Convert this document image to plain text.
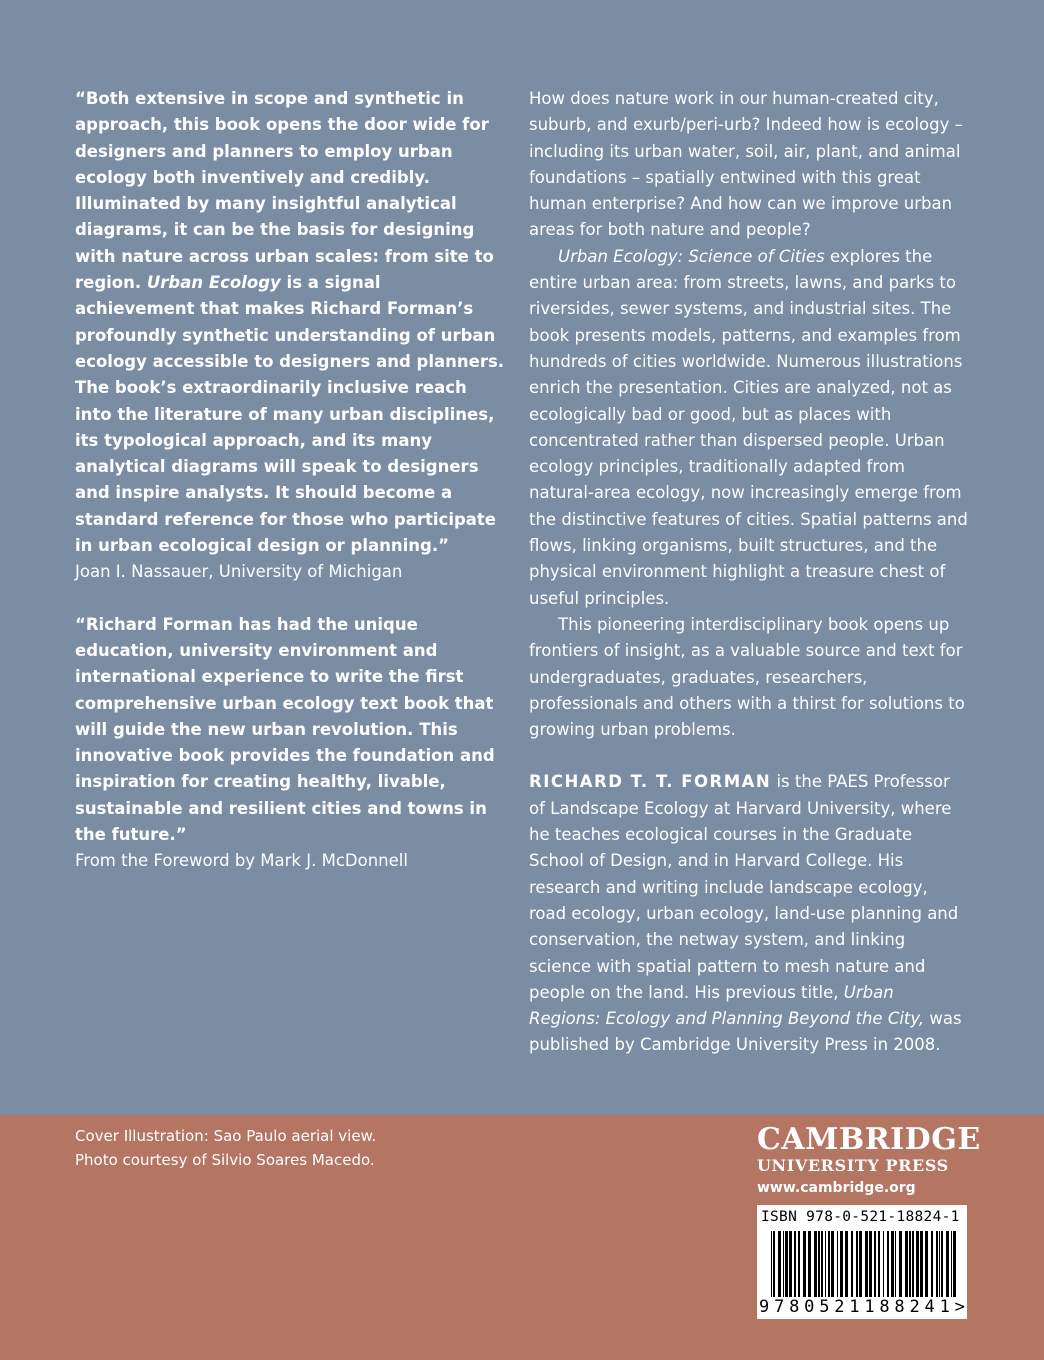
“Both extensive in scope and synthetic in approach, this book opens the door wide for designers and planners to employ urban ecology both inventively and credibly. Illuminated by many insightful analytical diagrams, it can be the basis for designing with nature across urban scales: from site to region. Urban Ecology is a signal achievement that makes Richard Forman’s profoundly synthetic understanding of urban ecology accessible to designers and planners. The book’s extraordinarily inclusive reach into the literature of many urban disciplines, its typological approach, and its many analytical diagrams will speak to designers and inspire analysts. It should become a standard reference for those who participate in urban ecological design or planning.”
Joan I. Nassauer, University of Michigan
“Richard Forman has had the unique education, university environment and international experience to write the first comprehensive urban ecology text book that will guide the new urban revolution. This innovative book provides the foundation and inspiration for creating healthy, livable, sustainable and resilient cities and towns in the future.”
From the Foreword by Mark J. McDonnell
How does nature work in our human-created city, suburb, and exurb/peri-urb? Indeed how is ecology – including its urban water, soil, air, plant, and animal foundations – spatially entwined with this great human enterprise? And how can we improve urban areas for both nature and people?
Urban Ecology: Science of Cities explores the entire urban area: from streets, lawns, and parks to riversides, sewer systems, and industrial sites. The book presents models, patterns, and examples from hundreds of cities worldwide. Numerous illustrations enrich the presentation. Cities are analyzed, not as ecologically bad or good, but as places with concentrated rather than dispersed people. Urban ecology principles, traditionally adapted from natural-area ecology, now increasingly emerge from the distinctive features of cities. Spatial patterns and flows, linking organisms, built structures, and the physical environment highlight a treasure chest of useful principles.
This pioneering interdisciplinary book opens up frontiers of insight, as a valuable source and text for undergraduates, graduates, researchers, professionals and others with a thirst for solutions to growing urban problems.
RICHARD T. T. FORMAN is the PAES Professor of Landscape Ecology at Harvard University, where he teaches ecological courses in the Graduate School of Design, and in Harvard College. His research and writing include landscape ecology, road ecology, urban ecology, land-use planning and conservation, the netway system, and linking science with spatial pattern to mesh nature and people on the land. His previous title, Urban Regions: Ecology and Planning Beyond the City, was published by Cambridge University Press in 2008.
Cover Illustration: Sao Paulo aerial view.
Photo courtesy of Silvio Soares Macedo.
CAMBRIDGE
UNIVERSITY PRESS
www.cambridge.org
ISBN 978-0-521-18824-1
9 7 8 0 5 2 1 1 8 8 2 4 1 >
